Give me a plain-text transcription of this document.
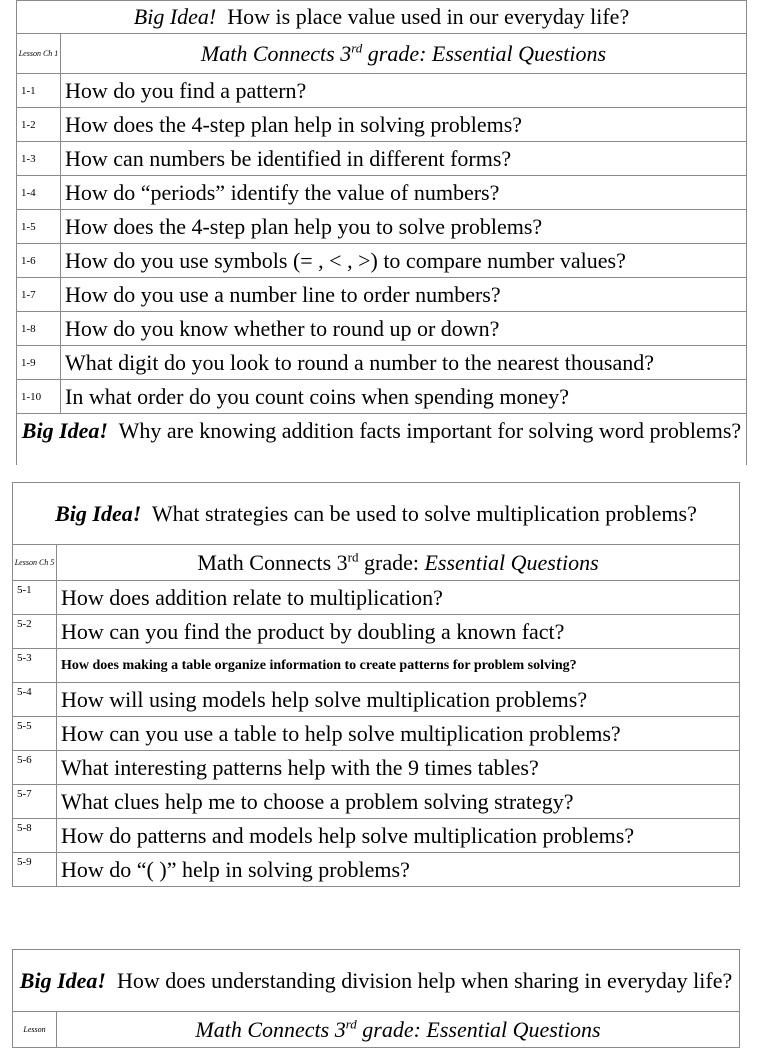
Big Idea! How is place value used in our everyday life?	
Lesson Ch 1	Math Connects 3rd grade: Essential Questions
1-1	How do you find a pattern?
1-2	How does the 4-step plan help in solving problems?
1-3	How can numbers be identified in different forms?
1-4	How do “periods” identify the value of numbers?
1-5	How does the 4-step plan help you to solve problems?
1-6	How do you use symbols (= , < , >) to compare number values?
1-7	How do you use a number line to order numbers?
1-8	How do you know whether to round up or down?
1-9	What digit do you look to round a number to the nearest thousand?
1-10	In what order do you count coins when spending money?
Big Idea! Why are knowing addition facts important for solving word problems?	
Big Idea! What strategies can be used to solve multiplication problems?	
Lesson Ch 5	Math Connects 3rd grade: Essential Questions
5-1	How does addition relate to multiplication?
5-2	How can you find the product by doubling a known fact?
5-3	How does making a table organize information to create patterns for problem solving?
5-4	How will using models help solve multiplication problems?
5-5	How can you use a table to help solve multiplication problems?
5-6	What interesting patterns help with the 9 times tables?
5-7	What clues help me to choose a problem solving strategy?
5-8	How do patterns and models help solve multiplication problems?
5-9	How do “( )” help in solving problems?
Big Idea! How does understanding division help when sharing in everyday life?
Lesson	Math Connects 3rd grade: Essential Questions
